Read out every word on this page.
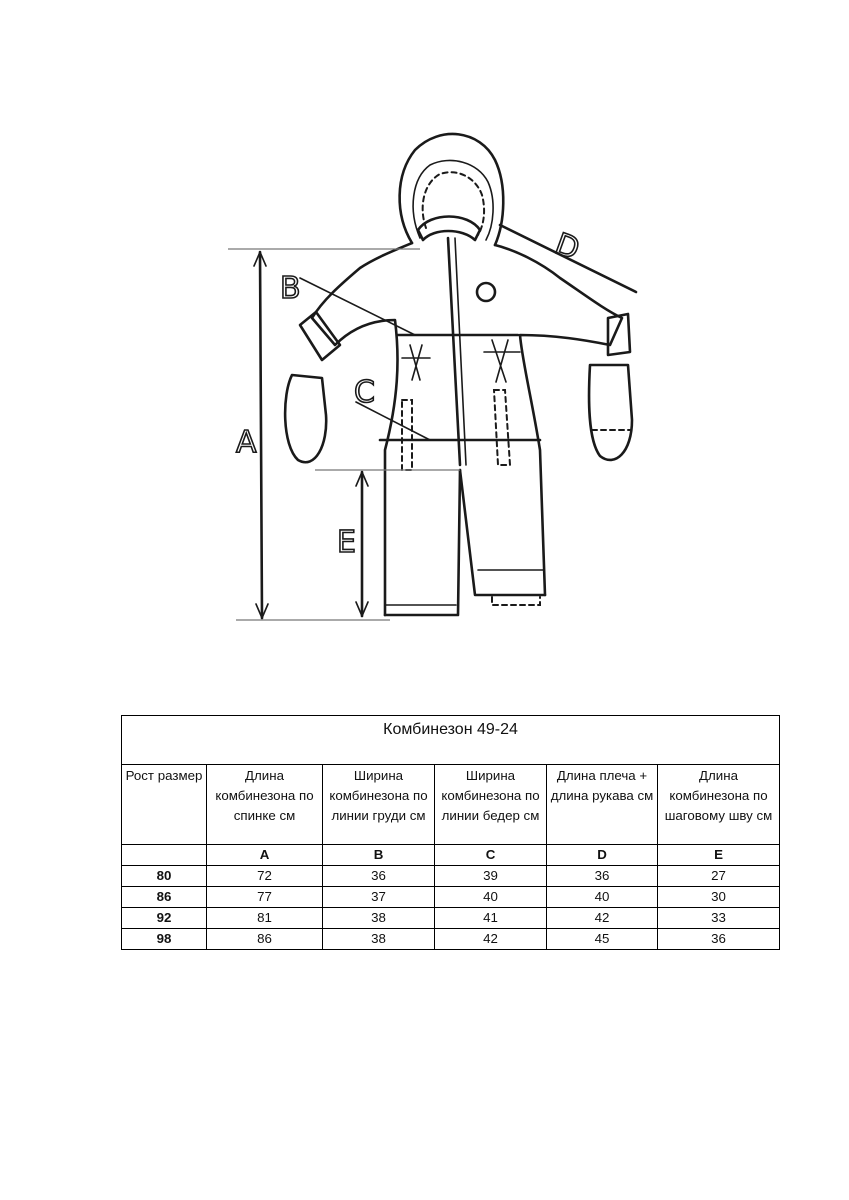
B
C
A
E
D
Комбинезон 49-24					
Рост размер	Длина комбинезона по спинке см	Ширина комбинезона по линии груди см	Ширина комбинезона по линии бедер см	Длина плеча + длина рукава см	Длина комбинезона по шаговому шву см
	A	B	C	D	E
80	72	36	39	36	27
86	77	37	40	40	30
92	81	38	41	42	33
98	86	38	42	45	36
